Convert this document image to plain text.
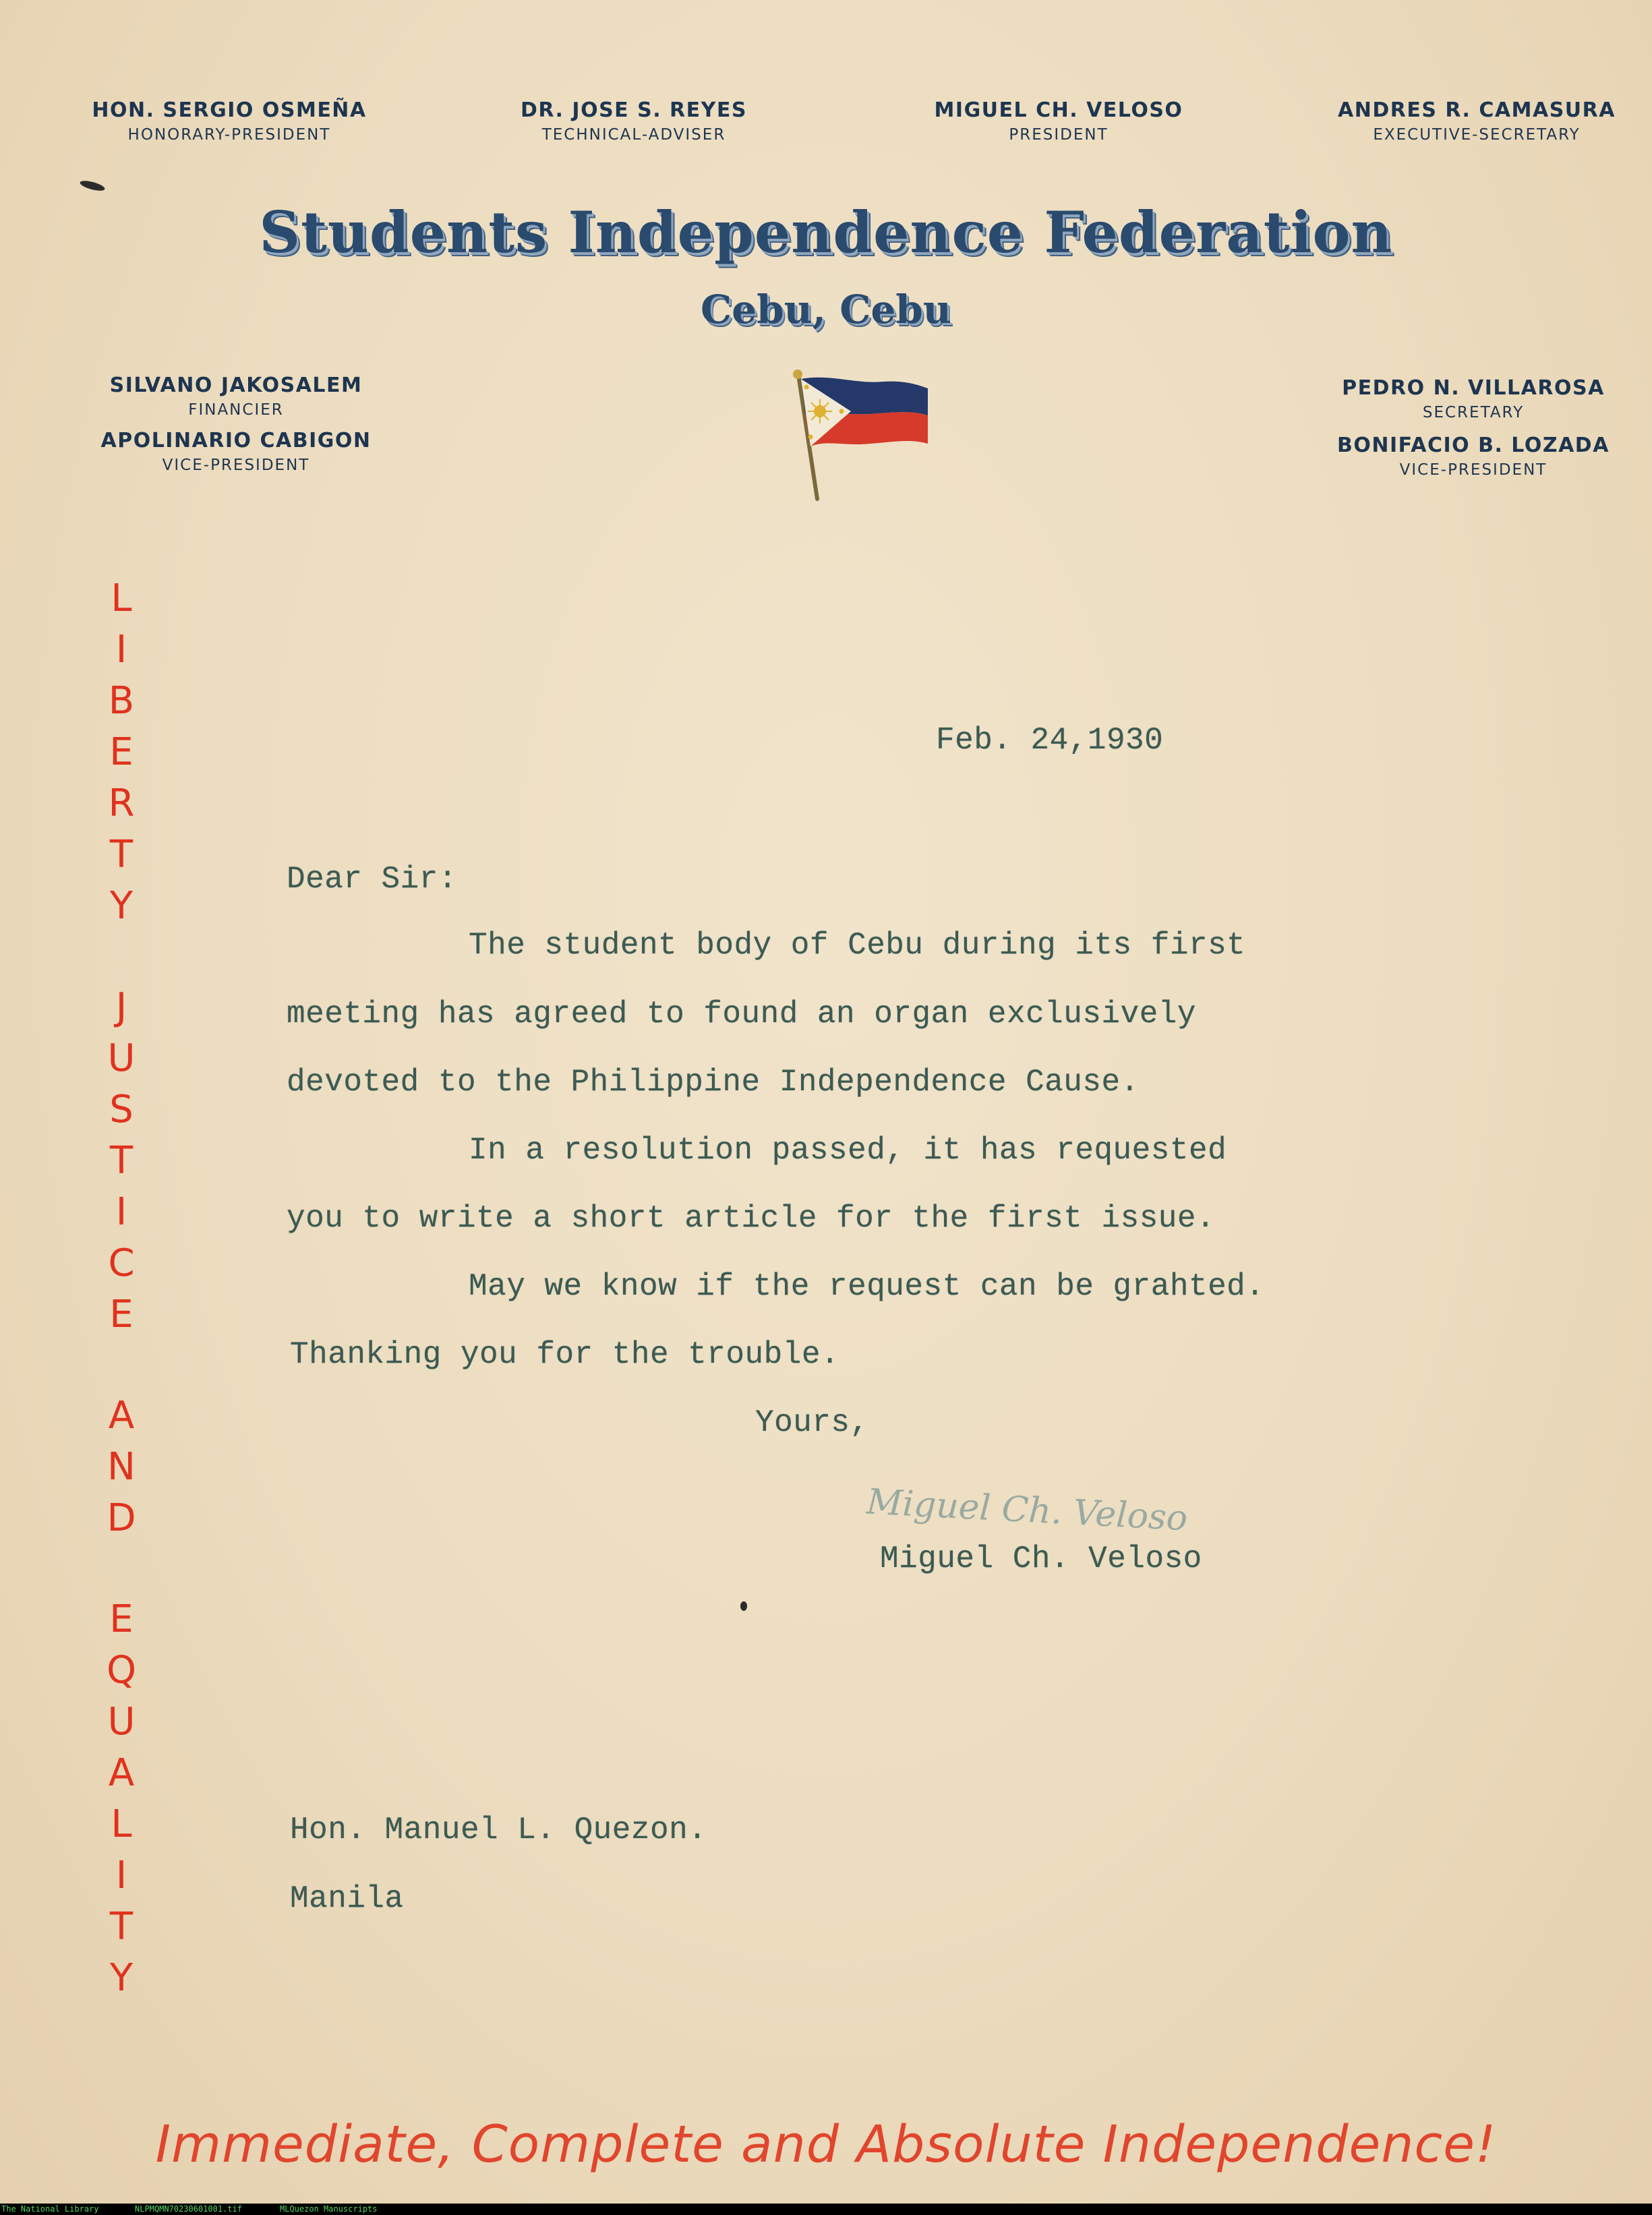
HON. SERGIO OSMEÑA
HONORARY-PRESIDENT
DR. JOSE S. REYES
TECHNICAL-ADVISER
MIGUEL CH. VELOSO
PRESIDENT
ANDRES R. CAMASURA
EXECUTIVE-SECRETARY
Students Independence Federation
Cebu, Cebu
SILVANO JAKOSALEM
FINANCIER
APOLINARIO CABIGON
VICE-PRESIDENT
PEDRO N. VILLAROSA
SECRETARY
BONIFACIO B. LOZADA
VICE-PRESIDENT
L
I
B
E
R
T
Y
J
U
S
T
I
C
E
A
N
D
E
Q
U
A
L
I
T
Y
Feb. 24,1930
Dear Sir:
The student body of Cebu during its first
meeting has agreed to found an organ exclusively
devoted to the Philippine Independence Cause.
In a resolution passed, it has requested
you to write a short article for the first issue.
May we know if the request can be grahted.
Thanking you for the trouble.
Yours,
Miguel Ch. Veloso
Miguel Ch. Veloso
Hon. Manuel L. Quezon.
Manila
Immediate, Complete and Absolute Independence!
The National Library	NLPMQMN70230601001.tif	MLQuezon Manuscripts
